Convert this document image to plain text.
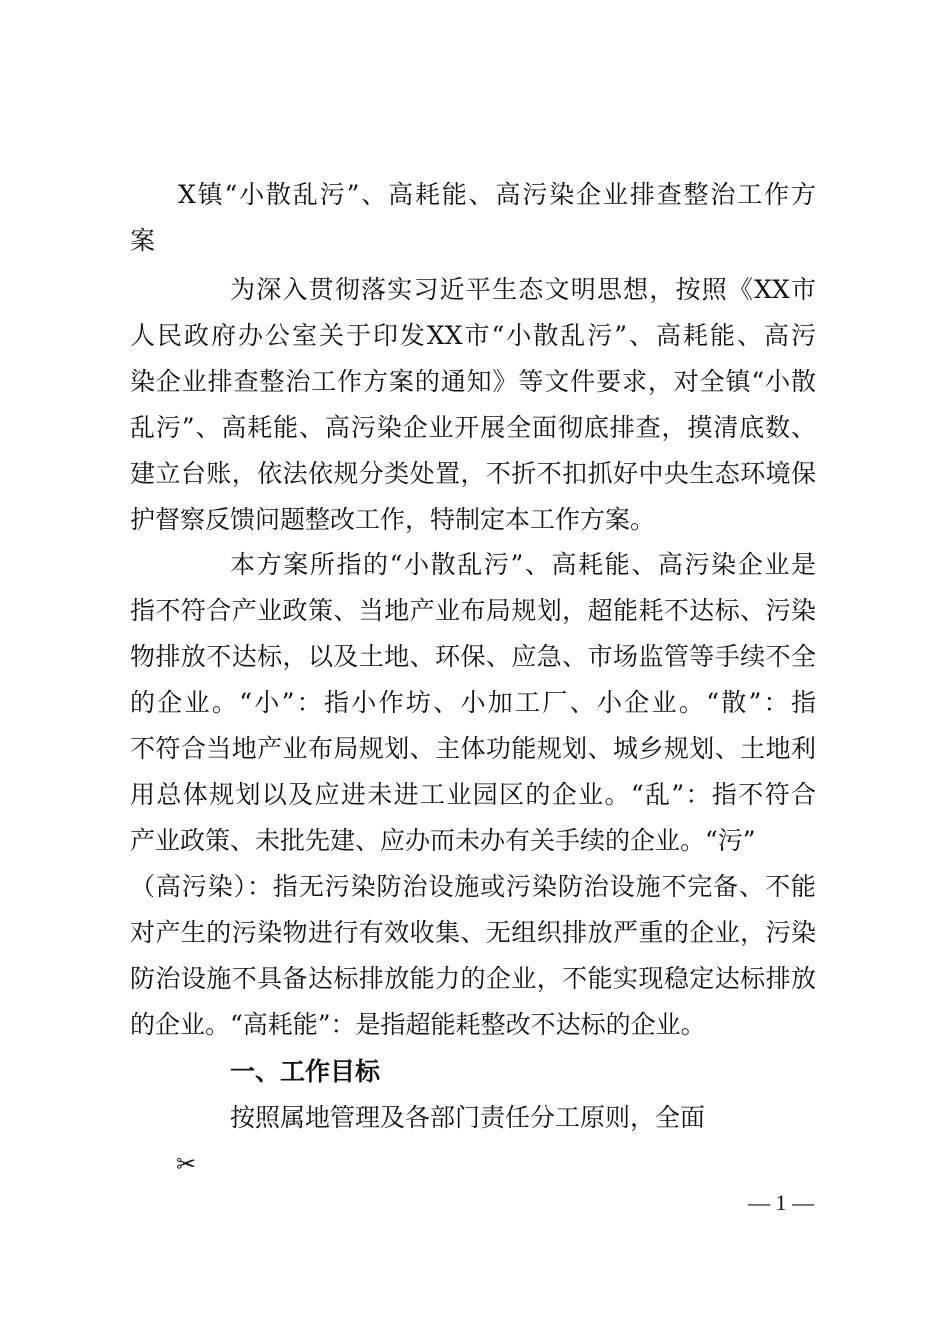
X镇“小散乱污”、高耗能、高污染企业排查整治工作方
案
为深入贯彻落实习近平生态文明思想，按照《XX市
人民政府办公室关于印发XX市“小散乱污”、高耗能、高污
染企业排查整治工作方案的通知》等文件要求，对全镇“小散
乱污”、高耗能、高污染企业开展全面彻底排查，摸清底数、
建立台账，依法依规分类处置，不折不扣抓好中央生态环境保
护督察反馈问题整改工作，特制定本工作方案。
本方案所指的“小散乱污”、高耗能、高污染企业是
指不符合产业政策、当地产业布局规划，超能耗不达标、污染
物排放不达标，以及土地、环保、应急、市场监管等手续不全
的企业。“小”：指小作坊、小加工厂、小企业。“散”：指
不符合当地产业布局规划、主体功能规划、城乡规划、土地利
用总体规划以及应进未进工业园区的企业。“乱”：指不符合
产业政策、未批先建、应办而未办有关手续的企业。“污”
（高污染）：指无污染防治设施或污染防治设施不完备、不能
对产生的污染物进行有效收集、无组织排放严重的企业，污染
防治设施不具备达标排放能力的企业，不能实现稳定达标排放
的企业。“高耗能”：是指超能耗整改不达标的企业。
一、工作目标
按照属地管理及各部门责任分工原则，全面
✂
— 1 —
